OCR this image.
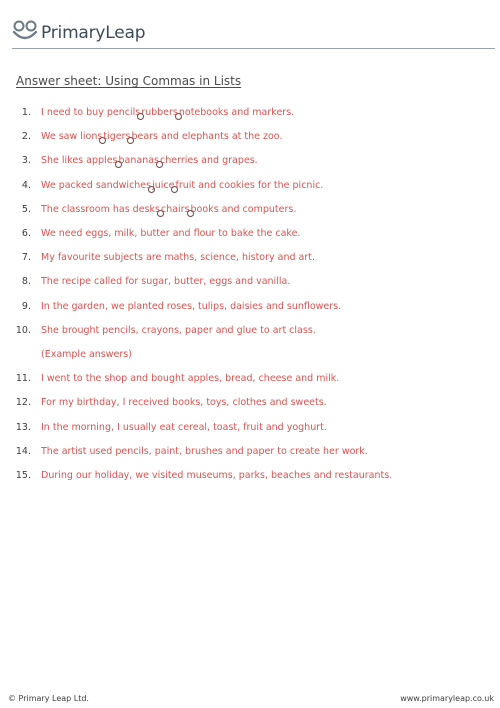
PrimaryLeap
Answer sheet: Using Commas in Lists
1. I need to buy pencilsrubbersnotebooks and markers.
2. We saw lionstigersbears and elephants at the zoo.
3. She likes applesbananascherries and grapes.
4. We packed sandwichesjuicefruit and cookies for the picnic.
5. The classroom has deskschairsbooks and computers.
6. We need eggs, milk, butter and flour to bake the cake.
7. My favourite subjects are maths, science, history and art.
8. The recipe called for sugar, butter, eggs and vanilla.
9. In the garden, we planted roses, tulips, daisies and sunflowers.
10. She brought pencils, crayons, paper and glue to art class.
(Example answers)
11. I went to the shop and bought apples, bread, cheese and milk.
12. For my birthday, I received books, toys, clothes and sweets.
13. In the morning, I usually eat cereal, toast, fruit and yoghurt.
14. The artist used pencils, paint, brushes and paper to create her work.
15. During our holiday, we visited museums, parks, beaches and restaurants.
© Primary Leap Ltd.	www.primaryleap.co.uk
